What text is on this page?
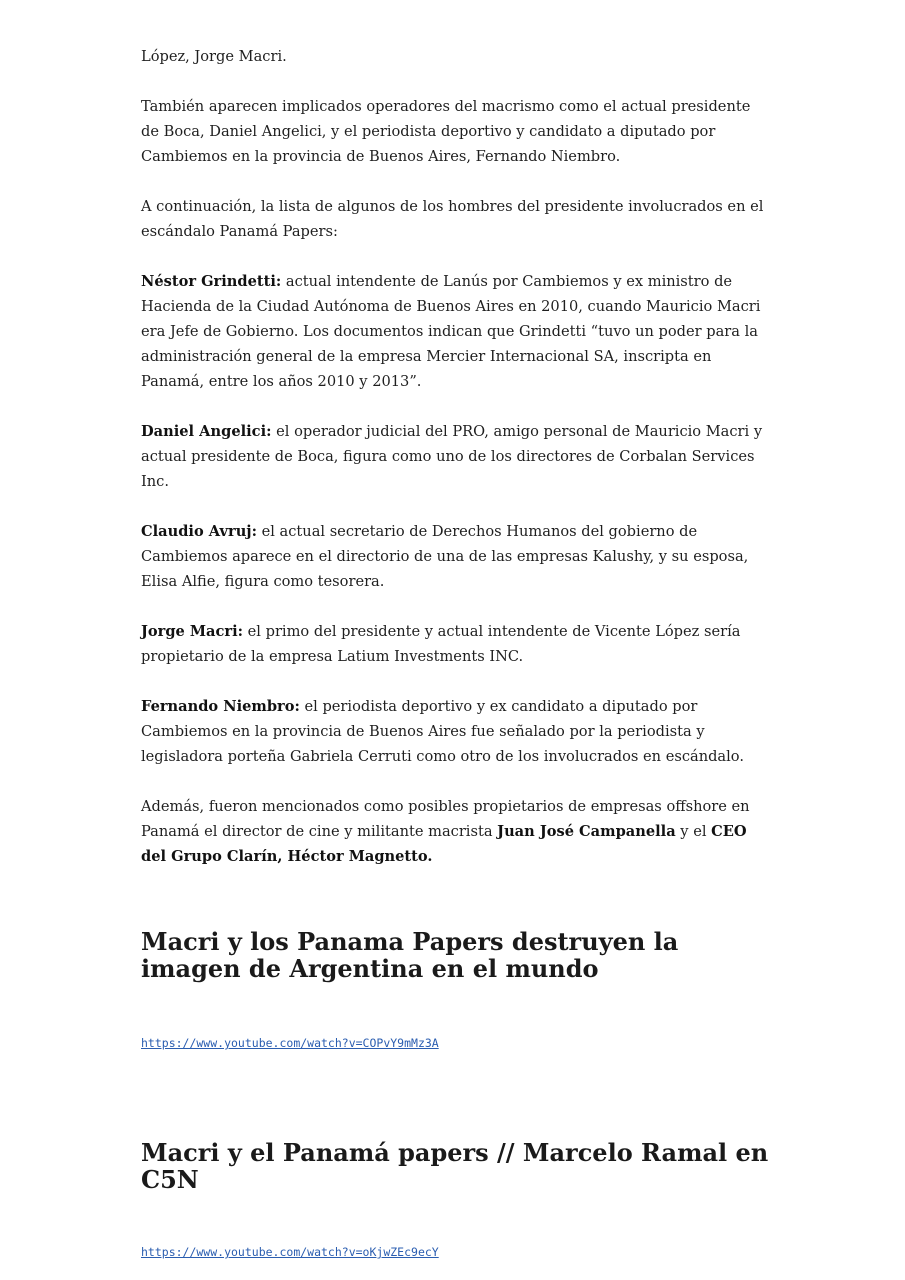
López, Jorge Macri.

También aparecen implicados operadores del macrismo como el actual presidente de Boca, Daniel Angelici, y el periodista deportivo y candidato a diputado por Cambiemos en la provincia de Buenos Aires, Fernando Niembro.

A continuación, la lista de algunos de los hombres del presidente involucrados en el escándalo Panamá Papers:

Néstor Grindetti: actual intendente de Lanús por Cambiemos y ex ministro de Hacienda de la Ciudad Autónoma de Buenos Aires en 2010, cuando Mauricio Macri era Jefe de Gobierno. Los documentos indican que Grindetti “tuvo un poder para la administración general de la empresa Mercier Internacional SA, inscripta en Panamá, entre los años 2010 y 2013”.

Daniel Angelici: el operador judicial del PRO, amigo personal de Mauricio Macri y actual presidente de Boca, figura como uno de los directores de Corbalan Services Inc.

Claudio Avruj: el actual secretario de Derechos Humanos del gobierno de Cambiemos aparece en el directorio de una de las empresas Kalushy, y su esposa, Elisa Alfie, figura como tesorera.

Jorge Macri: el primo del presidente y actual intendente de Vicente López sería propietario de la empresa Latium Investments INC.

Fernando Niembro: el periodista deportivo y ex candidato a diputado por Cambiemos en la provincia de Buenos Aires fue señalado por la periodista y legisladora porteña Gabriela Cerruti como otro de los involucrados en escándalo.

Además, fueron mencionados como posibles propietarios de empresas offshore en Panamá el director de cine y militante macrista Juan José Campanella y el CEO del Grupo Clarín, Héctor Magnetto.

Macri y los Panama Papers destruyen la imagen de Argentina en el mundo
https://www.youtube.com/watch?v=COPvY9mMz3A
Macri y el Panamá papers // Marcelo Ramal en C5N
https://www.youtube.com/watch?v=oKjwZEc9ecY
